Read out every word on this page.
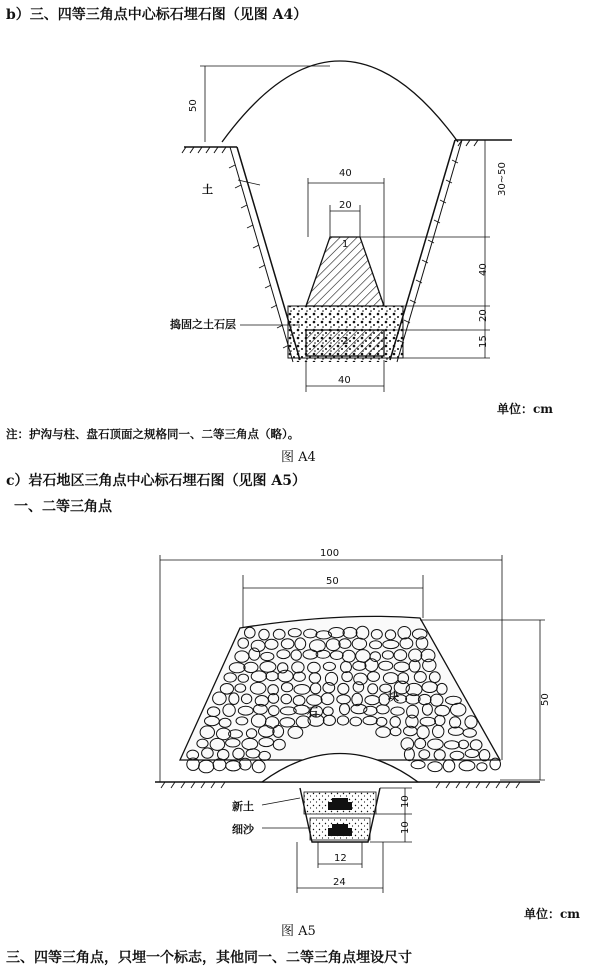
b）三、四等三角点中心标石埋石图（见图 A4）
单位：cm
注：护沟与柱、盘石顶面之规格同一、二等三角点（略）。
图 A4
c）岩石地区三角点中心标石埋石图（见图 A5）
一、二等三角点
图 A5
单位：cm
三、四等三角点，只埋一个标志，其他同一、二等三角点埋设尺寸
50
40
20
30~50
40
20
15
40
土
捣固之土石层
1
2
100
50
50
10
10
12
24
石
块
新土
细沙
